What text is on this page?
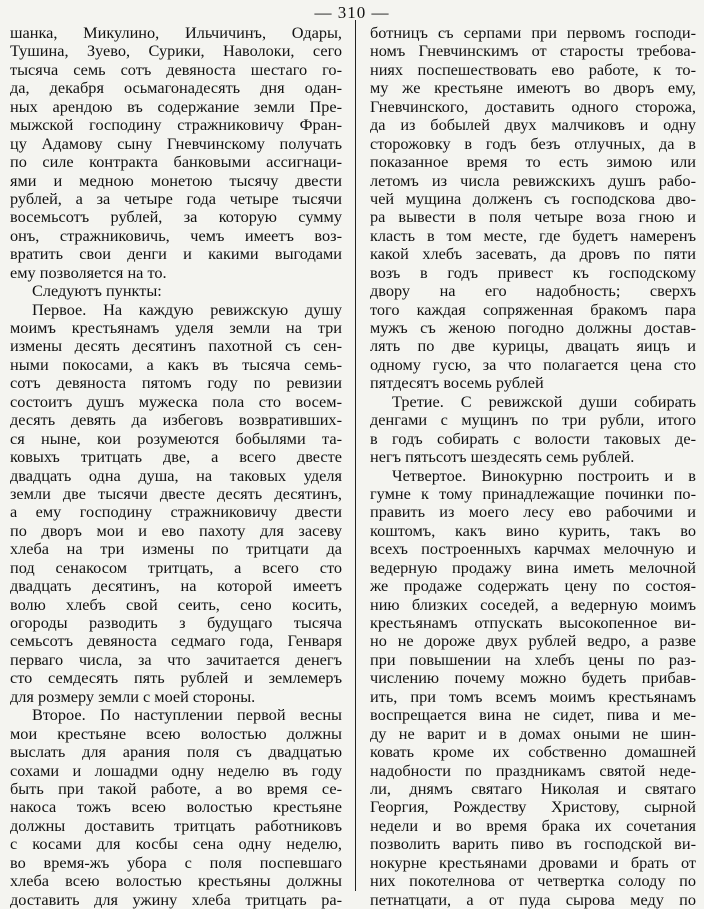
— 310 —
шанка, Микулино, Ильчичинъ, Одары,
Тушина, Зуево, Сурики, Наволоки, сего
тысяча семь сотъ девяноста шестаго го-
да, декабря осьмагонадесять дня одан-
ных арендою въ содержание земли Пре-
мыжской господину стражниковичу Фран-
цу Адамову сыну Гневчинскому получать
по силе контракта банковыми ассигнаци-
ями и медною монетою тысячу двести
рублей, а за четыре года четыре тысячи
восемьсотъ рублей, за которую сумму
онъ, стражниковичь, чемъ имеетъ воз-
вратить свои денги и какими выгодами
ему позволяется на то.
Следуютъ пункты:
Первое. На каждую ревижскую душу
моимъ крестьянамъ уделя земли на три
измены десять десятинъ пахотной съ сен-
ными покосами, а какъ въ тысяча семь-
сотъ девяноста пятомъ году по ревизии
состоитъ душъ мужеска пола сто восем-
десять девять да избеговъ возвративших-
ся ныне, кои розумеются бобылями та-
ковыхъ тритцать две, а всего двесте
двадцать одна душа, на таковых уделя
земли две тысячи двесте десять десятинъ,
а ему господину стражниковичу двести
по дворъ мои и ево пахоту для засеву
хлеба на три измены по тритцати да
под сенакосом тритцать, а всего сто
двадцать десятинъ, на которой имеетъ
волю хлебъ свой сеить, сено косить,
огороды разводить з будущаго тысяча
семьсотъ девяноста седмаго года, Генваря
перваго числа, за что зачитается денегъ
сто семдесять пять рублей и землемеръ
для розмеру земли с моей стороны.
Второе. По наступлении первой весны
мои крестьяне всею волостью должны
выслать для арания поля съ двадцатью
сохами и лошадми одну неделю въ году
быть при такой работе, а во время се-
накоса тожъ всею волостью крестьяне
должны доставить тритцать работниковъ
с косами для косбы сена одну неделю,
во время-жъ убора с поля поспевшаго
хлеба всею волостью крестьяны должны
доставить для ужину хлеба тритцать ра-
ботницъ съ серпами при первомъ господи-
номъ Гневчинскимъ от старосты требова-
ниях поспешествовать ево работе, к то-
му же крестьяне имеютъ во дворъ ему,
Гневчинского, доставить одного сторожа,
да из бобылей двух малчиковъ и одну
сторожовку в годъ безъ отлучных, да в
показанное время то есть зимою или
летомъ из числа ревижскихъ душъ рабо-
чей мущина долженъ съ господскова дво-
ра вывести в поля четыре воза гною и
класть в том месте, где будетъ намеренъ
какой хлебъ засевать, да дровъ по пяти
возъ в годъ привест къ господскому
двору на его надобность; сверхъ
того каждая сопряженная бракомъ пара
мужъ съ женою погодно должны достав-
лять по две курицы, двацать яицъ и
одному гусю, за что полагается цена сто
пятдесятъ восемь рублей
Третие. С ревижской души собирать
денгами с мущинъ по три рубли, итого
в годъ собирать с волости таковых де-
негъ пятьсотъ шездесять семь рублей.
Четвертое. Винокурню построить и в
гумне к тому принадлежащие починки по-
править из моего лесу ево рабочими и
коштомъ, какъ вино курить, такъ во
всехъ построенныхъ карчмах мелочную и
ведерную продажу вина иметь мелочной
же продаже содержать цену по состоя-
нию близких соседей, а ведерную моимъ
крестьянамъ отпускать высокопенное ви-
но не дороже двух рублей ведро, а разве
при повышении на хлебъ цены по раз-
числению почему можно будеть прибав-
ить, при томъ всемъ моимъ крестьянамъ
воспрещается вина не сидет, пива и ме-
ду не варит и в домах оными не шин-
ковать кроме их собственно домашней
надобности по праздникамъ святой неде-
ли, днямъ святаго Николая и святаго
Георгия, Рождеству Христову, сырной
недели и во время брака их сочетания
позволить варить пиво въ господской ви-
нокурне крестьянами дровами и брать от
них покотелнова от четвертка солоду по
петнатцати, а от пуда сырова меду по
